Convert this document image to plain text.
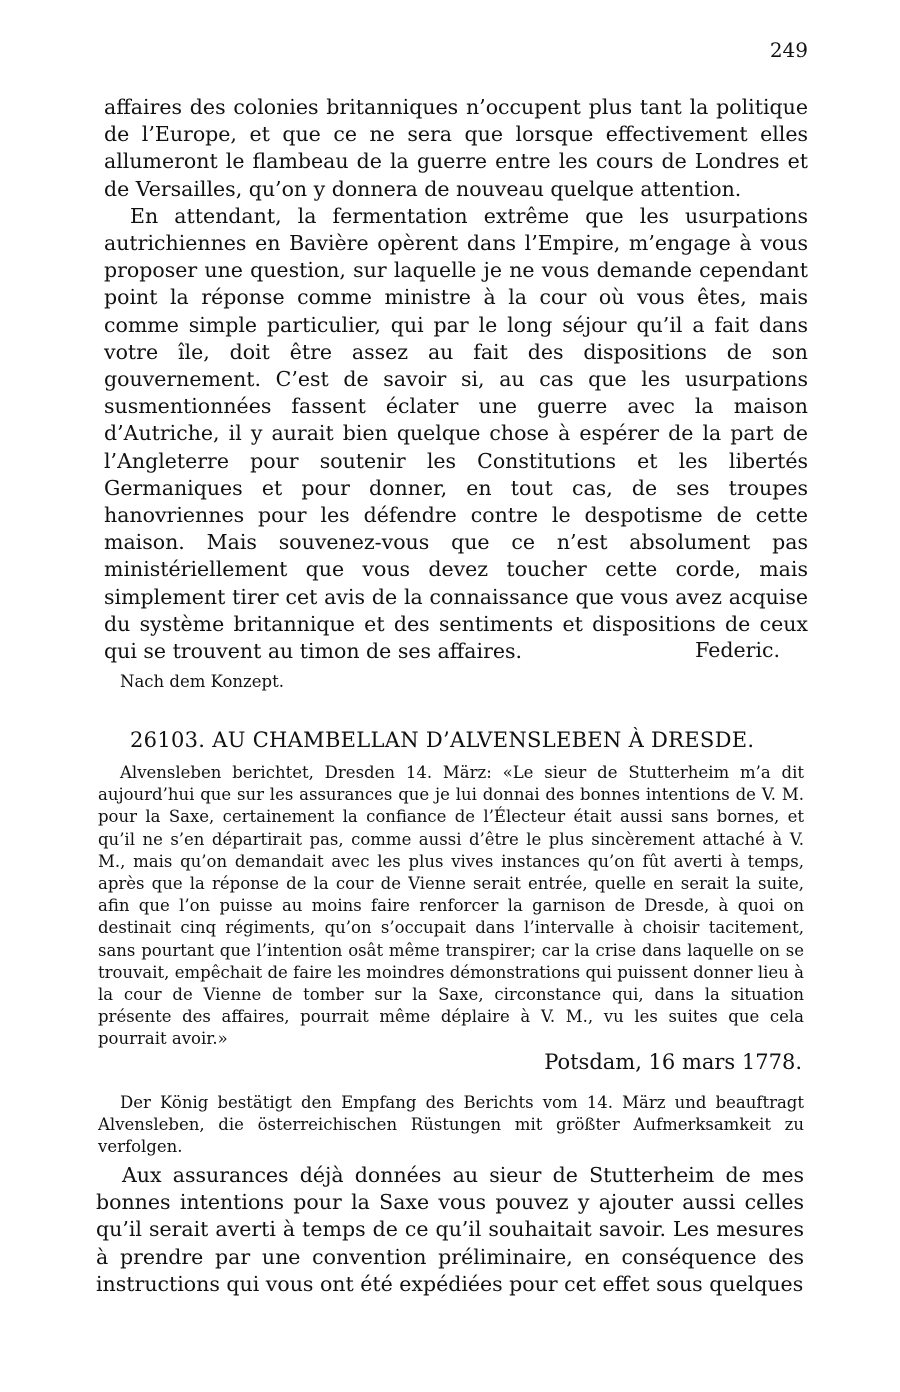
249

affaires des colonies britanniques n’occupent plus tant la politique de l’Europe, et que ce ne sera que lorsque effectivement elles allumeront le flambeau de la guerre entre les cours de Londres et de Versailles, qu’on y donnera de nouveau quelque attention.

En attendant, la fermentation extrême que les usurpations autrichiennes en Bavière opèrent dans l’Empire, m’engage à vous proposer une question, sur laquelle je ne vous demande cependant point la réponse comme ministre à la cour où vous êtes, mais comme simple particulier, qui par le long séjour qu’il a fait dans votre île, doit être assez au fait des dispositions de son gouvernement. C’est de savoir si, au cas que les usurpations susmentionnées fassent éclater une guerre avec la maison d’Autriche, il y aurait bien quelque chose à espérer de la part de l’Angleterre pour soutenir les Constitutions et les libertés Germaniques et pour donner, en tout cas, de ses troupes hanovriennes pour les défendre contre le despotisme de cette maison. Mais souvenez-vous que ce n’est absolument pas ministériellement que vous devez toucher cette corde, mais simplement tirer cet avis de la connaissance que vous avez acquise du système britannique et des sentiments et dispositions de ceux qui se trouvent au timon de ses affaires.	Federic.
Nach dem Konzept.
26103. AU CHAMBELLAN D’ALVENSLEBEN À DRESDE.

Alvensleben berichtet, Dresden 14. März: «Le sieur de Stutterheim m’a dit aujourd’hui que sur les assurances que je lui donnai des bonnes intentions de V. M. pour la Saxe, certainement la confiance de l’Électeur était aussi sans bornes, et qu’il ne s’en départirait pas, comme aussi d’être le plus sincèrement attaché à V. M., mais qu’on demandait avec les plus vives instances qu’on fût averti à temps, après que la réponse de la cour de Vienne serait entrée, quelle en serait la suite, afin que l’on puisse au moins faire renforcer la garnison de Dresde, à quoi on destinait cinq régiments, qu’on s’occupait dans l’intervalle à choisir tacitement, sans pourtant que l’intention osât même transpirer; car la crise dans laquelle on se trouvait, empêchait de faire les moindres démonstrations qui puissent donner lieu à la cour de Vienne de tomber sur la Saxe, circonstance qui, dans la situation présente des affaires, pourrait même déplaire à V. M., vu les suites que cela pourrait avoir.»

Potsdam, 16 mars 1778.

Der König bestätigt den Empfang des Berichts vom 14. März und beauftragt Alvensleben, die österreichischen Rüstungen mit größter Aufmerksamkeit zu verfolgen.

Aux assurances déjà données au sieur de Stutterheim de mes bonnes intentions pour la Saxe vous pouvez y ajouter aussi celles qu’il serait averti à temps de ce qu’il souhaitait savoir. Les mesures à prendre par une convention préliminaire, en conséquence des instructions qui vous ont été expédiées pour cet effet sous quelques
